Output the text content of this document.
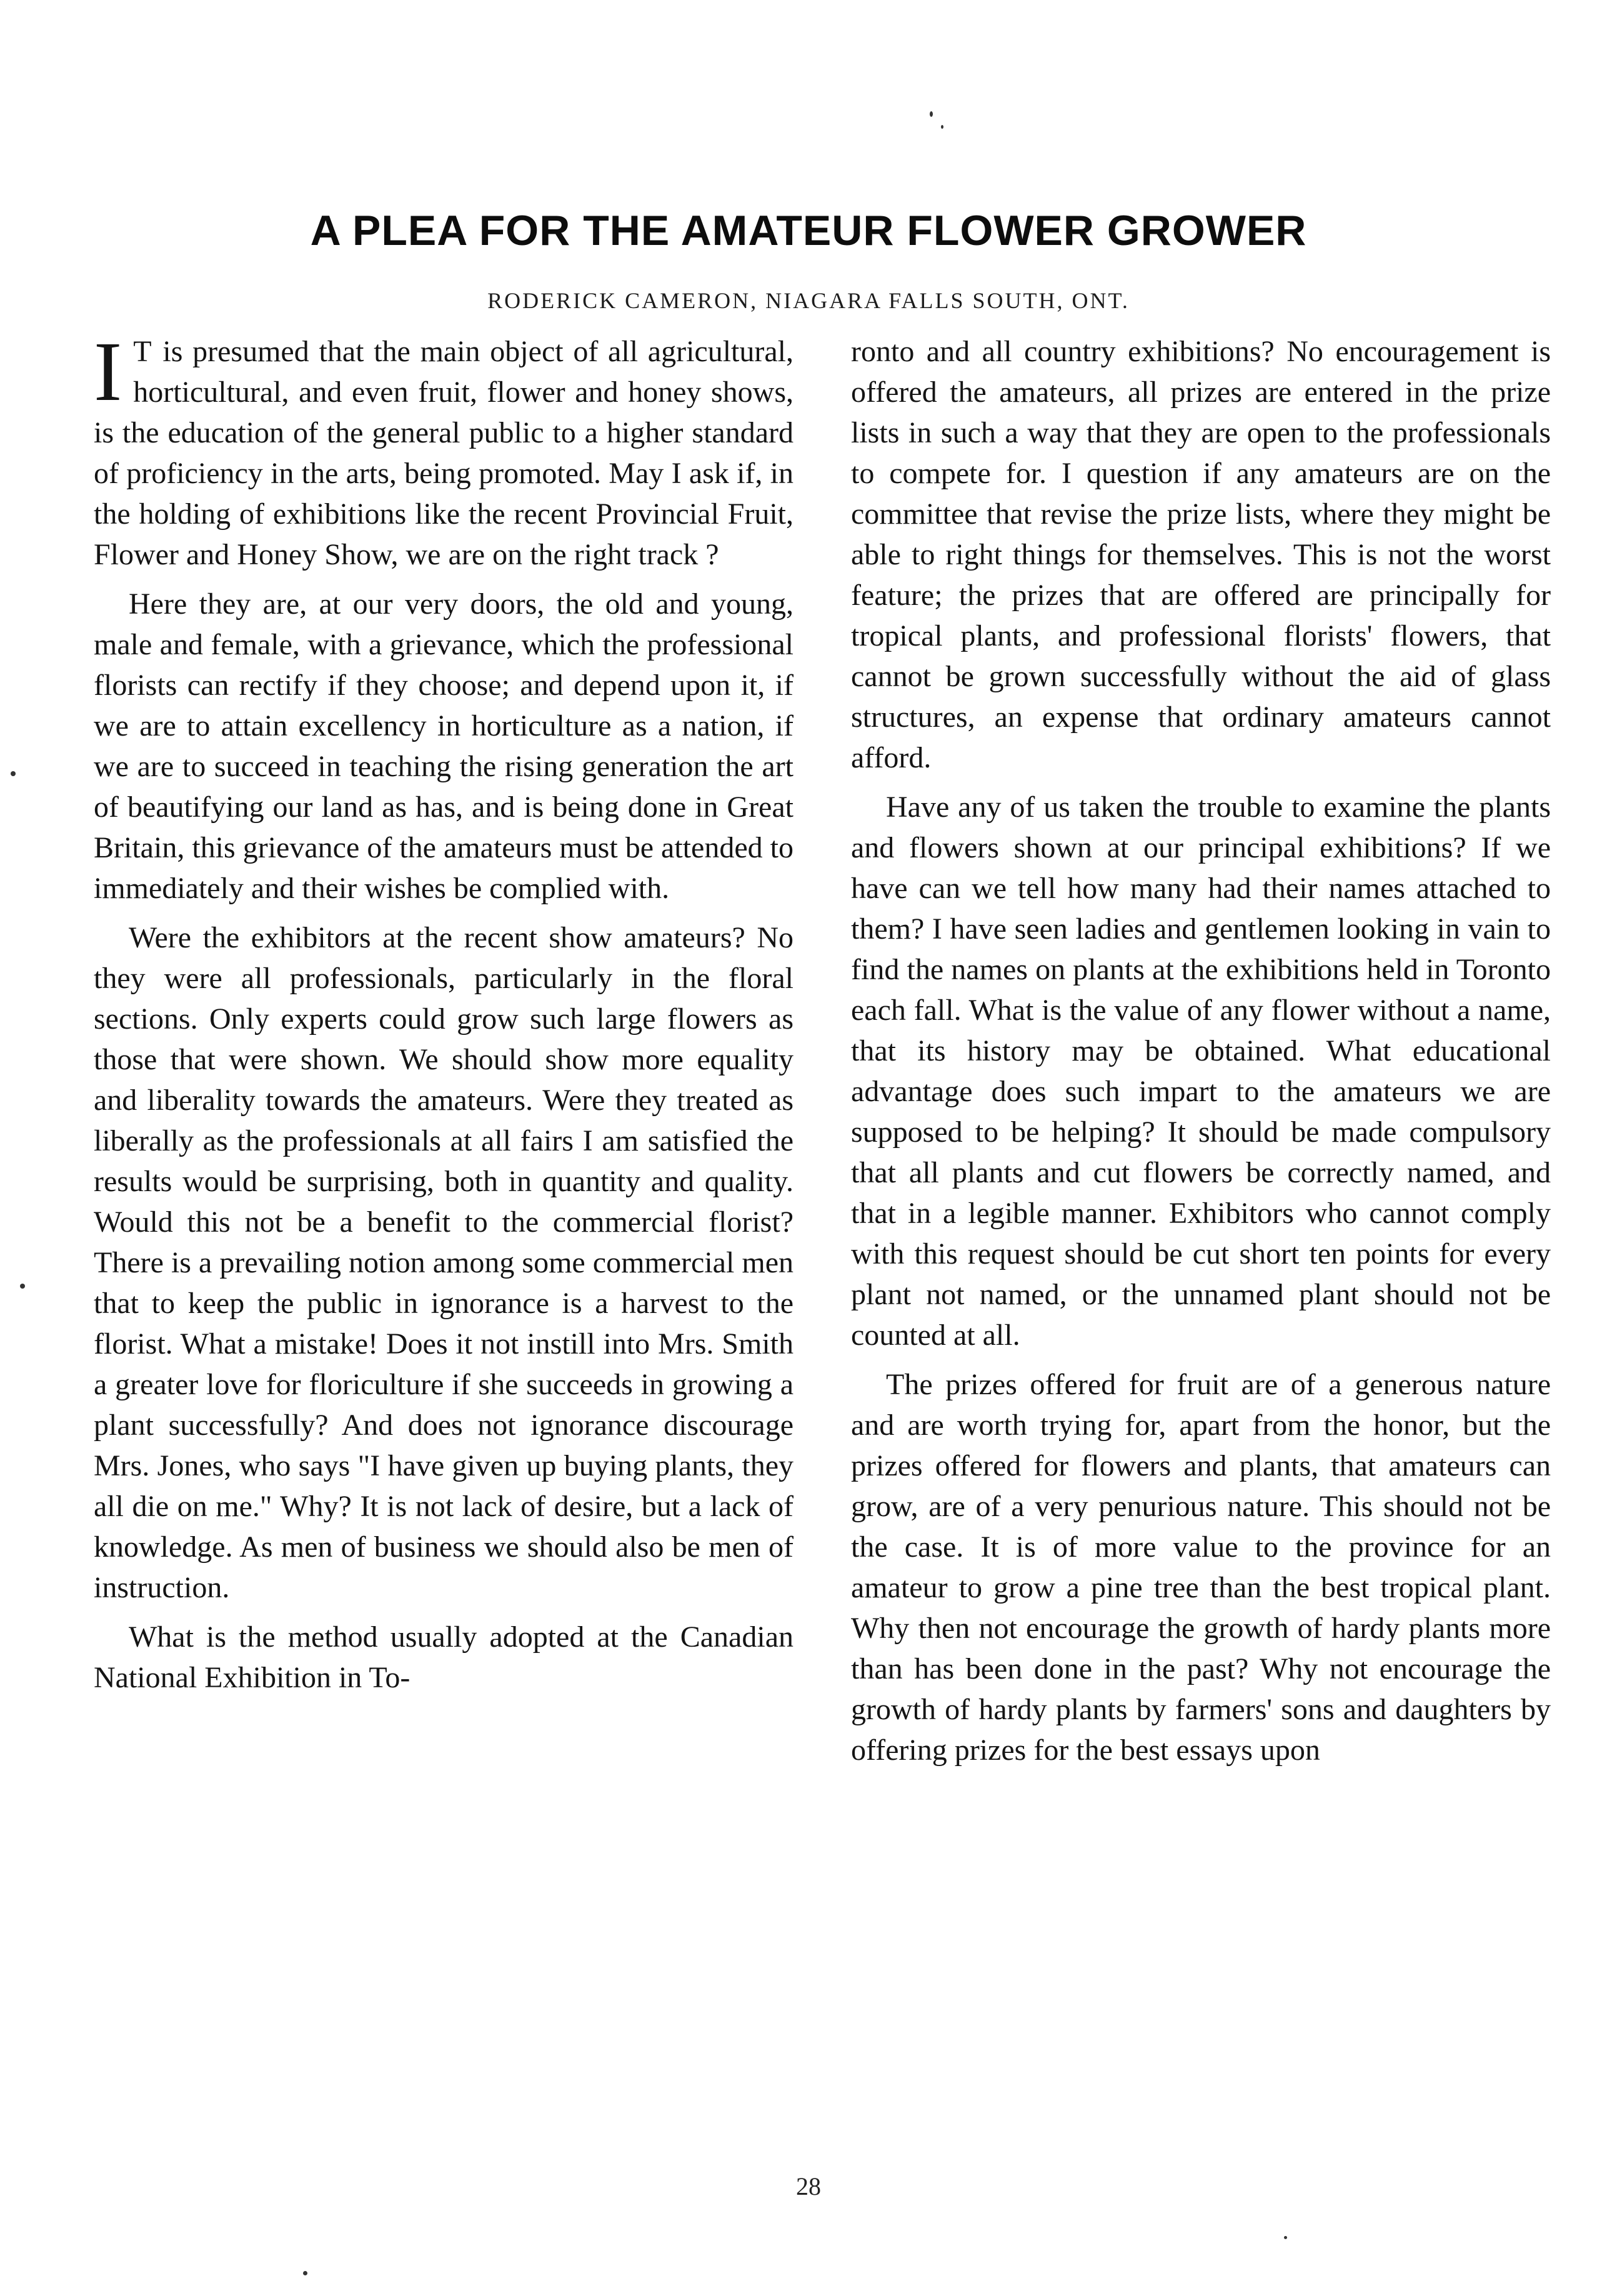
A PLEA FOR THE AMATEUR FLOWER GROWER
RODERICK CAMERON, NIAGARA FALLS SOUTH, ONT.

I T is presumed that the main object of all agricultural, horticultural, and even fruit, flower and honey shows, is the education of the general public to a higher standard of proficiency in the arts, being promoted. May I ask if, in the holding of exhibitions like the recent Provincial Fruit, Flower and Honey Show, we are on the right track ?

Here they are, at our very doors, the old and young, male and female, with a grievance, which the professional florists can rectify if they choose; and depend upon it, if we are to attain excellency in horticulture as a nation, if we are to succeed in teaching the rising generation the art of beautifying our land as has, and is being done in Great Britain, this grievance of the amateurs must be attended to immediately and their wishes be complied with.

Were the exhibitors at the recent show amateurs? No they were all professionals, particularly in the floral sections. Only experts could grow such large flowers as those that were shown. We should show more equality and liberality towards the amateurs. Were they treated as liberally as the professionals at all fairs I am satisfied the results would be surprising, both in quantity and quality. Would this not be a benefit to the commercial florist? There is a prevailing notion among some commercial men that to keep the public in ignorance is a harvest to the florist. What a mistake! Does it not instill into Mrs. Smith a greater love for floriculture if she succeeds in growing a plant successfully? And does not ignorance discourage Mrs. Jones, who says "I have given up buying plants, they all die on me." Why? It is not lack of desire, but a lack of knowledge. As men of business we should also be men of instruction.

What is the method usually adopted at the Canadian National Exhibition in To-

ronto and all country exhibitions? No encouragement is offered the amateurs, all prizes are entered in the prize lists in such a way that they are open to the professionals to compete for. I question if any amateurs are on the committee that revise the prize lists, where they might be able to right things for themselves. This is not the worst feature; the prizes that are offered are principally for tropical plants, and professional florists' flowers, that cannot be grown successfully without the aid of glass structures, an expense that ordinary amateurs cannot afford.

Have any of us taken the trouble to examine the plants and flowers shown at our principal exhibitions? If we have can we tell how many had their names attached to them? I have seen ladies and gentlemen looking in vain to find the names on plants at the exhibitions held in Toronto each fall. What is the value of any flower without a name, that its history may be obtained. What educational advantage does such impart to the amateurs we are supposed to be helping? It should be made compulsory that all plants and cut flowers be correctly named, and that in a legible manner. Exhibitors who cannot comply with this request should be cut short ten points for every plant not named, or the unnamed plant should not be counted at all.

The prizes offered for fruit are of a generous nature and are worth trying for, apart from the honor, but the prizes offered for flowers and plants, that amateurs can grow, are of a very penurious nature. This should not be the case. It is of more value to the province for an amateur to grow a pine tree than the best tropical plant. Why then not encourage the growth of hardy plants more than has been done in the past? Why not encourage the growth of hardy plants by farmers' sons and daughters by offering prizes for the best essays upon

28
